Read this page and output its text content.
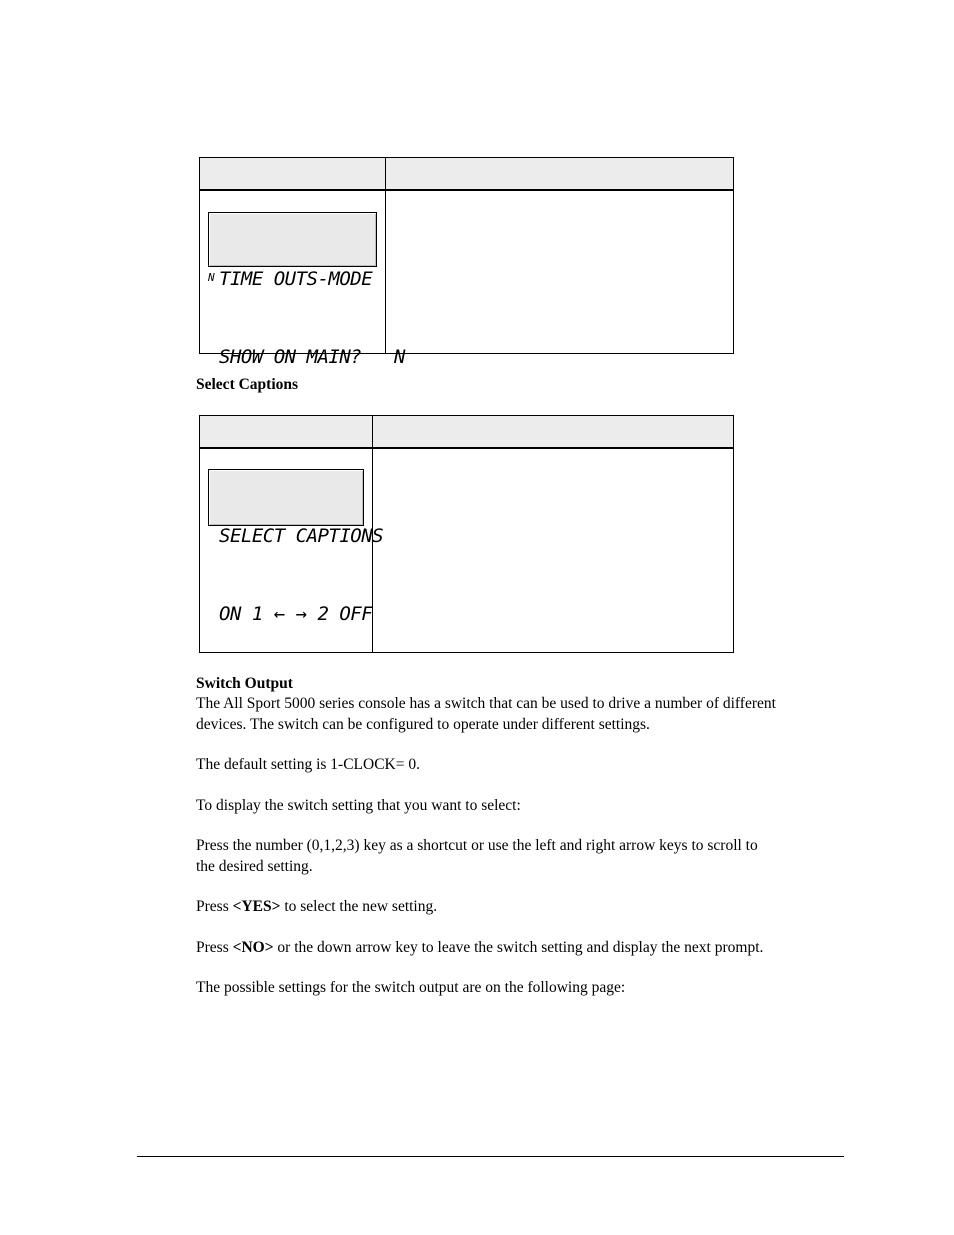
TIME OUTS-MODE

SHOW ON MAIN?   N

N	

Select Captions

SELECT CAPTIONS

ON 1 ← → 2 OFF	

Switch Output
The All Sport 5000 series console has a switch that can be used to drive a number of different
devices. The switch can be configured to operate under different settings.
The default setting is 1-CLOCK= 0.
To display the switch setting that you want to select:
Press the number (0,1,2,3) key as a shortcut or use the left and right arrow keys to scroll to
the desired setting.
Press <YES> to select the new setting.
Press <NO> or the down arrow key to leave the switch setting and display the next prompt.
The possible settings for the switch output are on the following page:
